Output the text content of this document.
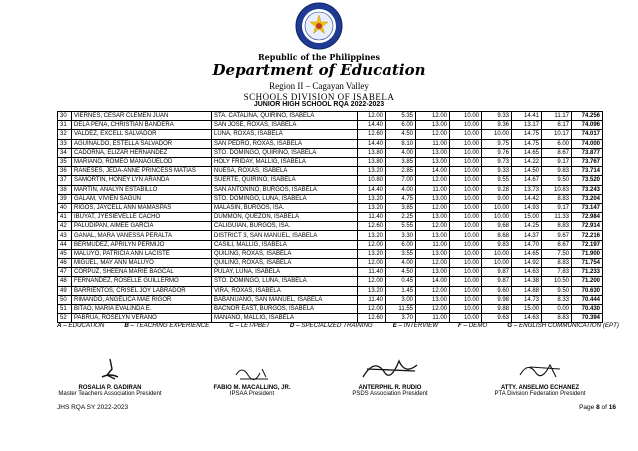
Republic of the Philippines
Department of Education
Region II – Cagayan Valley
SCHOOLS DIVISION OF ISABELA
JUNIOR HIGH SCHOOL RQA 2022-2023
30	VIERNES, CESAR CLEMEN JUAN	STA. CATALINA, QUIRINO, ISABELA	12.00	5.35	12.00	10.00	9.33	14.41	11.17	74.256
31	DELA PEÑA, CHRISTIAN BANDERA	SAN JOSE, ROXAS, ISABELA	14.40	6.00	13.00	10.00	9.36	13.17	8.17	74.096
32	VALDEZ, EXCELL SALVADOR	LUNA, ROXAS, ISABELA	12.60	4.50	12.00	10.00	10.00	14.75	10.17	74.017
33	AGUINALDO, ESTELLA SALVADOR	SAN PEDRO, ROXAS, ISABELA	14.40	8.10	11.00	10.00	9.75	14.75	6.00	74.000
34	CADORNA, ELIZAR HERNANDEZ	STO. DOMINGO, QUIRINO, ISABELA	13.80	4.00	13.00	10.00	9.76	14.65	8.67	73.877
35	MARIANO, ROMEO MANAGUELOD	HOLY FRIDAY, MALLIG, ISABELA	13.80	3.85	13.00	10.00	9.73	14.22	9.17	73.767
36	RAÑESES, JEDA-ANNE PRINCESS MATIAS	NUESA, ROXAS, ISABELA	13.20	2.85	14.00	10.00	9.33	14.50	9.83	73.714
37	SAMORTIN, HONEY LYN ARANDA	SUERTE, QUIRINO, ISABELA	10.80	7.00	12.00	10.00	9.55	14.67	9.50	73.520
38	MARTIN, ANALYN ESTABILLO	SAN ANTONINO, BURGOS, ISABELA	14.40	4.00	11.00	10.00	9.28	13.73	10.83	73.243
39	GALAM, VIVIEN SAGUN	STO. DOMINGO, LUNA, ISABELA	13.20	4.75	13.00	10.00	9.00	14.42	8.83	73.204
40	RIGOS, JAYCELL ANN MAMASPAS	MALASIN, BURGOS, ISA.	13.20	3.85	12.00	10.00	10.00	14.93	9.17	73.147
41	IBUYAT, JYESIEVELLE CACHO	DUMMON, QUEZON, ISABELA	11.40	2.25	13.00	10.00	10.00	15.00	11.33	72.984
42	PALUDIPAN, AIMEE GARCIA	CALIGUIAN, BURGOS, ISA.	12.60	5.55	12.00	10.00	9.68	14.25	8.83	72.914
43	GANAL, MARA VANESSA PERALTA	DISTRICT 3, SAN MANUEL, ISABELA	13.20	3.30	13.00	10.00	8.68	14.37	9.67	72.216
44	BERMUDEZ, APRILYN PERMIJO	CASILI, MALLIG, ISABELA	12.00	6.00	11.00	10.00	9.83	14.70	8.67	72.197
45	MALUYO, PATRICIA ANN LACISTE	QUILING, ROXAS, ISABELA	13.20	3.55	13.00	10.00	10.00	14.65	7.50	71.900
46	MIGUEL, MAY ANN MALUYO	QUILING, ROXAS, ISABELA	12.00	4.00	12.00	10.00	10.00	14.92	8.83	71.754
47	CORPUZ, SHEENA MARIE BAGCAL	PULAY, LUNA, ISABELA	11.40	4.50	13.00	10.00	9.87	14.63	7.83	71.233
48	FERNANDEZ, ROSELLE GUILLERMO	STO. DOMINGO, LUNA, ISABELA	12.00	0.45	14.00	10.00	9.87	14.38	10.50	71.200
49	BARRIENTOS, CRISEL JOY LABRADOR	VIRA, ROXAS, ISABELA	13.20	1.45	12.00	10.00	9.60	14.88	9.50	70.630
50	RIMANDO, ANGELICA MAE RIGOR	BABANUANG, SAN MANUEL, ISABELA	11.40	3.00	13.00	10.00	9.98	14.73	8.33	70.444
51	BITAO, MARIA EVALINDA E.	BACNOR EAST, BURGOS, ISABELA	12.00	11.55	12.00	10.00	9.88	15.00	0.00	70.430
52	PABRUA, ROSELYN VERANO	MANANO, MALLIG, ISABELA	12.60	3.70	11.00	10.00	9.63	14.63	8.83	70.394
A – EDUCATION	B – TEACHING EXPERIENCE	C – LET/PBET	D – SPECIALIZED TRAINING	E – INTERVIEW	F – DEMO	G – ENGLISH COMMUNICATION (EPT)
ROSALIA P. GADIRAN
Master Teachers Association President
FABIO M. MACALLING, JR.
IPSAA President
ANTERPHIL R. RUDIO
PSDS Association President
ATTY. ANSELMO ECHANEZ
PTA Division Federation President
JHS RQA SY 2022-2023	Page 8 of 16
